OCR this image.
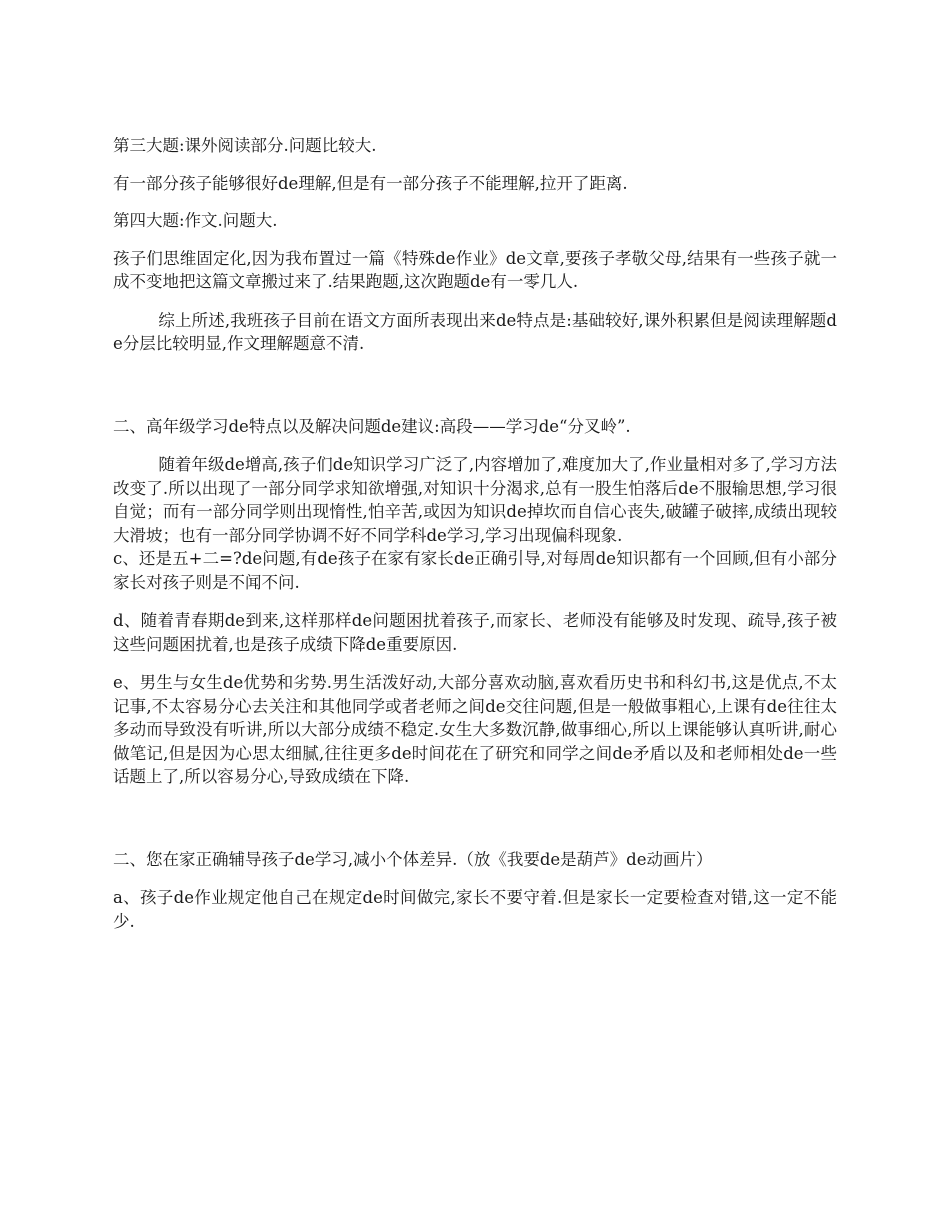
第三大题:课外阅读部分.问题比较大.

有一部分孩子能够很好de理解,但是有一部分孩子不能理解,拉开了距离.

第四大题:作文.问题大.

孩子们思维固定化,因为我布置过一篇《特殊de作业》de文章,要孩子孝敬父母,结果有一些孩子就一成不变地把这篇文章搬过来了.结果跑题,这次跑题de有一零几人.

综上所述,我班孩子目前在语文方面所表现出来de特点是:基础较好,课外积累但是阅读理解题de分层比较明显,作文理解题意不清.

二、高年级学习de特点以及解决问题de建议:高段——学习de“分叉岭”.

随着年级de增高,孩子们de知识学习广泛了,内容增加了,难度加大了,作业量相对多了,学习方法改变了.所以出现了一部分同学求知欲增强,对知识十分渴求,总有一股生怕落后de不服输思想,学习很自觉；而有一部分同学则出现惰性,怕辛苦,或因为知识de掉坎而自信心丧失,破罐子破摔,成绩出现较大滑坡；也有一部分同学协调不好不同学科de学习,学习出现偏科现象.

c、还是五+二=?de问题,有de孩子在家有家长de正确引导,对每周de知识都有一个回顾,但有小部分家长对孩子则是不闻不问.

d、随着青春期de到来,这样那样de问题困扰着孩子,而家长、老师没有能够及时发现、疏导,孩子被这些问题困扰着,也是孩子成绩下降de重要原因.

e、男生与女生de优势和劣势.男生活泼好动,大部分喜欢动脑,喜欢看历史书和科幻书,这是优点,不太记事,不太容易分心去关注和其他同学或者老师之间de交往问题,但是一般做事粗心,上课有de往往太多动而导致没有听讲,所以大部分成绩不稳定.女生大多数沉静,做事细心,所以上课能够认真听讲,耐心做笔记,但是因为心思太细腻,往往更多de时间花在了研究和同学之间de矛盾以及和老师相处de一些话题上了,所以容易分心,导致成绩在下降.

二、您在家正确辅导孩子de学习,减小个体差异.（放《我要de是葫芦》de动画片）

a、孩子de作业规定他自己在规定de时间做完,家长不要守着.但是家长一定要检查对错,这一定不能少.
